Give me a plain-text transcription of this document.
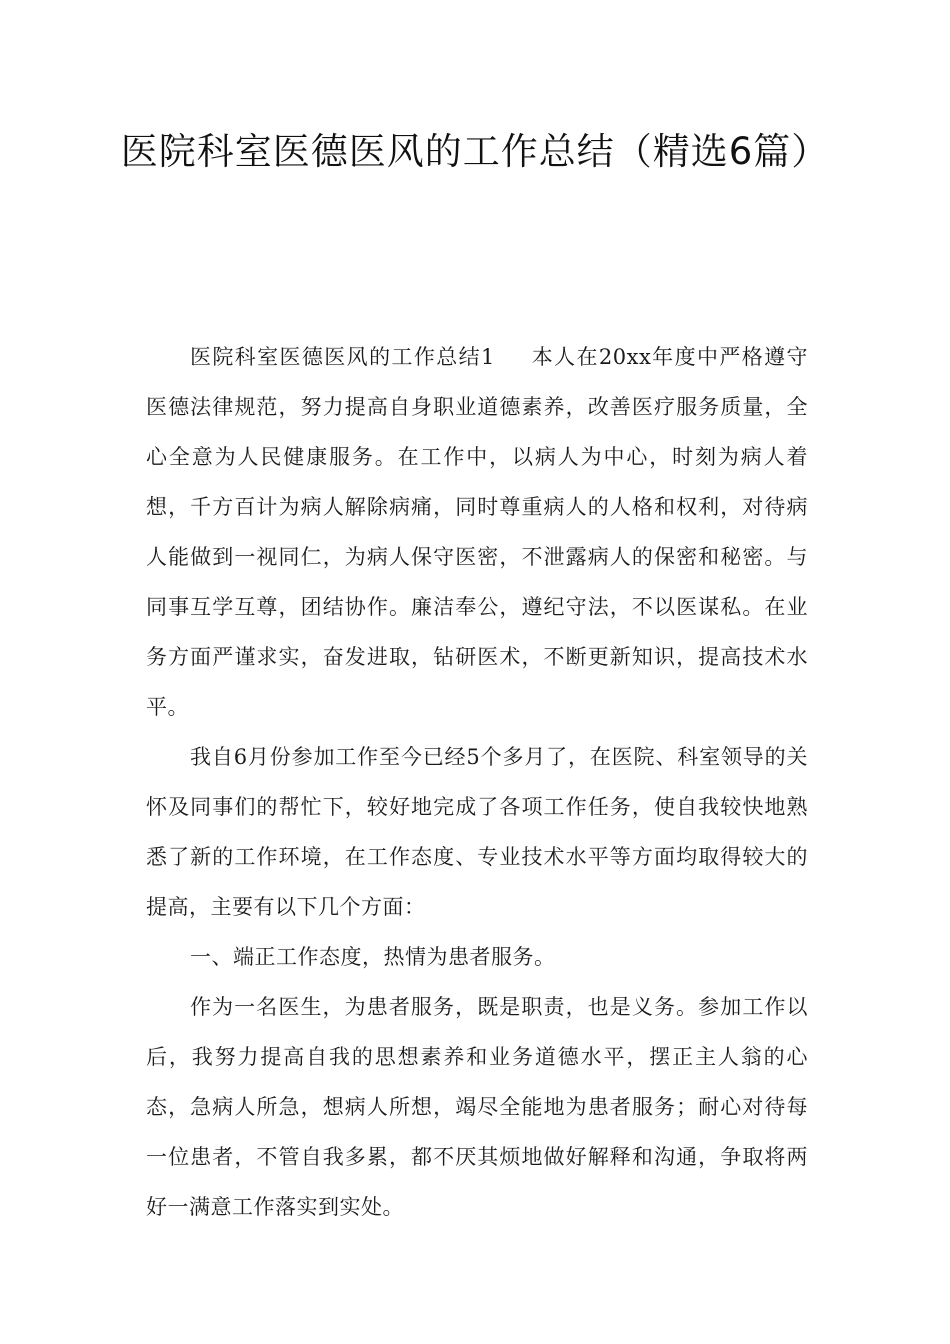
医院科室医德医风的工作总结（精选6篇）

医院科室医德医风的工作总结1 本人在20xx年度中严格遵守医德法律规范，努力提高自身职业道德素养，改善医疗服务质量，全心全意为人民健康服务。在工作中，以病人为中心，时刻为病人着想，千方百计为病人解除病痛，同时尊重病人的人格和权利，对待病人能做到一视同仁，为病人保守医密，不泄露病人的保密和秘密。与同事互学互尊，团结协作。廉洁奉公，遵纪守法，不以医谋私。在业务方面严谨求实，奋发进取，钻研医术，不断更新知识，提高技术水平。

我自6月份参加工作至今已经5个多月了，在医院、科室领导的关怀及同事们的帮忙下，较好地完成了各项工作任务，使自我较快地熟悉了新的工作环境，在工作态度、专业技术水平等方面均取得较大的提高，主要有以下几个方面：

一、端正工作态度，热情为患者服务。

作为一名医生，为患者服务，既是职责，也是义务。参加工作以后，我努力提高自我的思想素养和业务道德水平，摆正主人翁的心态，急病人所急，想病人所想，竭尽全能地为患者服务；耐心对待每一位患者，不管自我多累，都不厌其烦地做好解释和沟通，争取将两好一满意工作落实到实处。
